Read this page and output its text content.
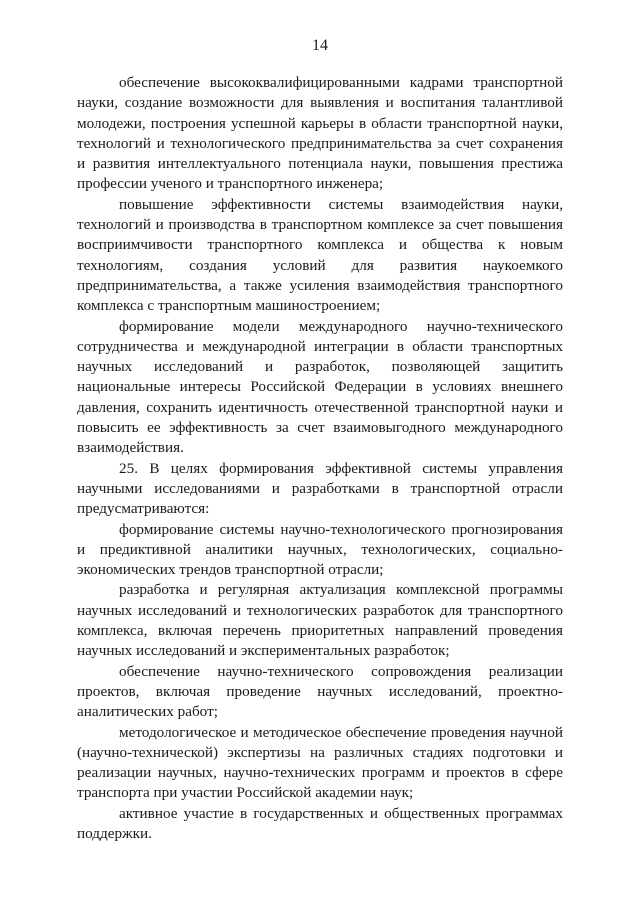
14

обеспечение высококвалифицированными кадрами транспортной науки, создание возможности для выявления и воспитания талантливой молодежи, построения успешной карьеры в области транспортной науки, технологий и технологического предпринимательства за счет сохранения и развития интеллектуального потенциала науки, повышения престижа профессии ученого и транспортного инженера;

повышение эффективности системы взаимодействия науки, технологий и производства в транспортном комплексе за счет повышения восприимчивости транспортного комплекса и общества к новым технологиям, создания условий для развития наукоемкого предпринимательства, а также усиления взаимодействия транспортного комплекса с транспортным машиностроением;

формирование модели международного научно-технического сотрудничества и международной интеграции в области транспортных научных исследований и разработок, позволяющей защитить национальные интересы Российской Федерации в условиях внешнего давления, сохранить идентичность отечественной транспортной науки и повысить ее эффективность за счет взаимовыгодного международного взаимодействия.

25. В целях формирования эффективной системы управления научными исследованиями и разработками в транспортной отрасли предусматриваются:

формирование системы научно-технологического прогнозирования и предиктивной аналитики научных, технологических, социально-экономических трендов транспортной отрасли;

разработка и регулярная актуализация комплексной программы научных исследований и технологических разработок для транспортного комплекса, включая перечень приоритетных направлений проведения научных исследований и экспериментальных разработок;

обеспечение научно-технического сопровождения реализации проектов, включая проведение научных исследований, проектно-аналитических работ;

методологическое и методическое обеспечение проведения научной (научно-технической) экспертизы на различных стадиях подготовки и реализации научных, научно-технических программ и проектов в сфере транспорта при участии Российской академии наук;

активное участие в государственных и общественных программах поддержки.
